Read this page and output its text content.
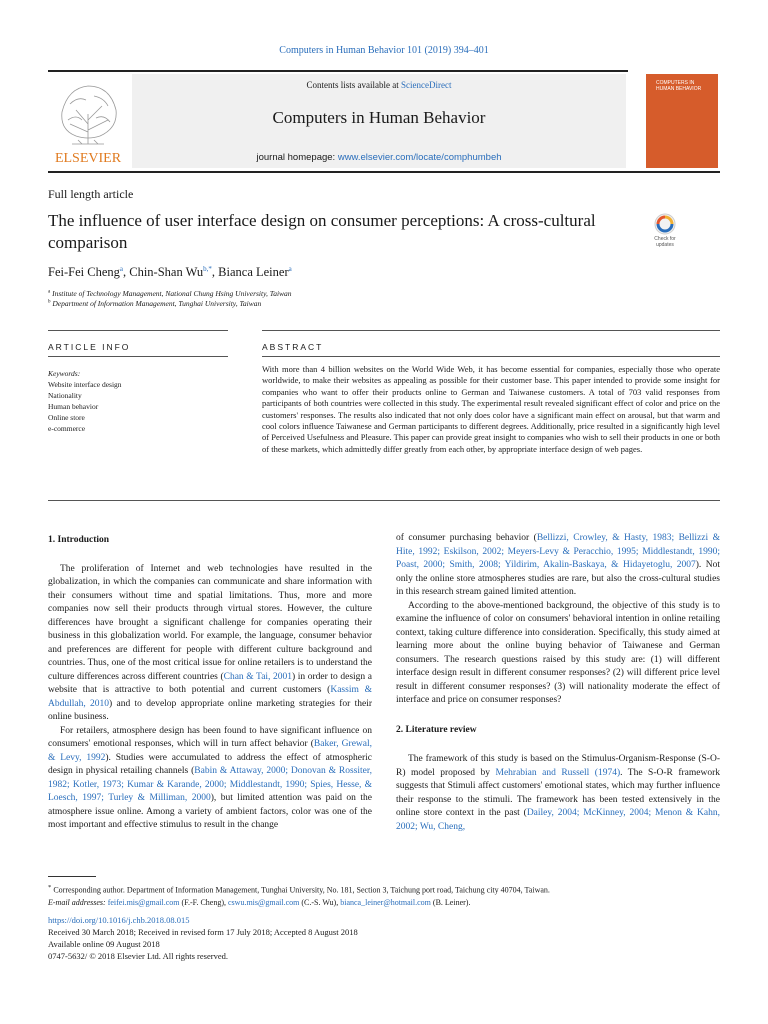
Computers in Human Behavior 101 (2019) 394–401
ELSEVIER
Contents lists available at ScienceDirect
Computers in Human Behavior
journal homepage: www.elsevier.com/locate/comphumbeh
COMPUTERS IN
HUMAN BEHAVIOR
Full length article
The influence of user interface design on consumer perceptions: A cross-cultural comparison	Check for
updates
Fei-Fei Cheng$^a$, Chin-Shan $Wu^{b,*}$, Bianca Leiner$^a$
$^a$ Institute of Technology Management, National Chung Hsing University, Taiwan
$^b$ Department of Information Management, Tunghai University, Taiwan
ARTICLE INFO	ABSTRACT
Keywords:
Website interface design
Nationality
Human behavior
Online store
e-commerce
With more than 4 billion websites on the World Wide Web, it has become essential for companies, especially those who operate worldwide, to make their websites as appealing as possible for their customer base. This paper intended to provide some insight for companies who want to offer their products online to German and Taiwanese customers. A total of 703 valid responses from participants of both countries were collected in this study. The experimental result revealed significant effect of color and price on the customers' responses. The results also indicated that not only does color have a significant main effect on arousal, but that warm and cool colors influence Taiwanese and German participants to different degrees. Additionally, price resulted in a significantly high level of Perceived Usefulness and Pleasure. This paper can provide great insight to companies who wish to sell their products in one or both of these markets, which admittedly differ greatly from each other, by appropriate interface design of web pages.
1. Introduction

The proliferation of Internet and web technologies have resulted in the globalization, in which the companies can communicate and share information with their consumers without time and spatial limitations. Thus, more and more companies now sell their products through virtual stores. However, the culture differences have brought a significant challenge for companies operating their business in this globalization world. For example, the language, consumer behavior and preferences are different for people with different culture background and countries. Thus, one of the most critical issue for online retailers is to understand the culture differences across different countries (Chan & Tai, 2001) in order to design a website that is attractive to both potential and current customers (Kassim & Abdullah, 2010) and to develop appropriate online marketing strategies for their online business.

For retailers, atmosphere design has been found to have significant influence on consumers' emotional responses, which will in turn affect behavior (Baker, Grewal, & Levy, 1992). Studies were accumulated to address the effect of atmospheric design in physical retailing channels (Babin & Attaway, 2000; Donovan & Rossiter, 1982; Kotler, 1973; Kumar & Karande, 2000; Middlestandt, 1990; Spies, Hesse, & Loesch, 1997; Turley & Milliman, 2000), but limited attention was paid on the atmosphere issue online. Among a variety of ambient factors, color was one of the most important and effective stimulus to result in the change

of consumer purchasing behavior (Bellizzi, Crowley, & Hasty, 1983; Bellizzi & Hite, 1992; Eskilson, 2002; Meyers-Levy & Peracchio, 1995; Middlestandt, 1990; Poast, 2000; Smith, 2008; Yildirim, Akalin-Baskaya, & Hidayetoglu, 2007). Not only the online store atmospheres studies are rare, but also the cross-cultural studies in this research stream gained limited attention.

According to the above-mentioned background, the objective of this study is to examine the influence of color on consumers' behavioral intention in online retailing context, taking culture difference into consideration. Specifically, this study aimed at learning more about the online buying behavior of Taiwanese and German consumers. The research questions raised by this study are: (1) will different interface design result in different consumer responses? (2) will different price level result in different consumer responses? (3) will nationality moderate the effect of interface and price on consumer responses?

2. Literature review

The framework of this study is based on the Stimulus-Organism-Response (S-O-R) model proposed by Mehrabian and Russell (1974). The S-O-R framework suggests that Stimuli affect customers' emotional states, which may further influence their response to the stimuli. The framework has been tested extensively in the online store context in the past (Dailey, 2004; McKinney, 2004; Menon & Kahn, 2002; Wu, Cheng,

* Corresponding author. Department of Information Management, Tunghai University, No. 181, Section 3, Taichung port road, Taichung city 40704, Taiwan.
E-mail addresses: feifei.mis@gmail.com (F.-F. Cheng), cswu.mis@gmail.com (C.-S. Wu), bianca_leiner@hotmail.com (B. Leiner).
https://doi.org/10.1016/j.chb.2018.08.015
Received 30 March 2018; Received in revised form 17 July 2018; Accepted 8 August 2018
Available online 09 August 2018
0747-5632/ © 2018 Elsevier Ltd. All rights reserved.
